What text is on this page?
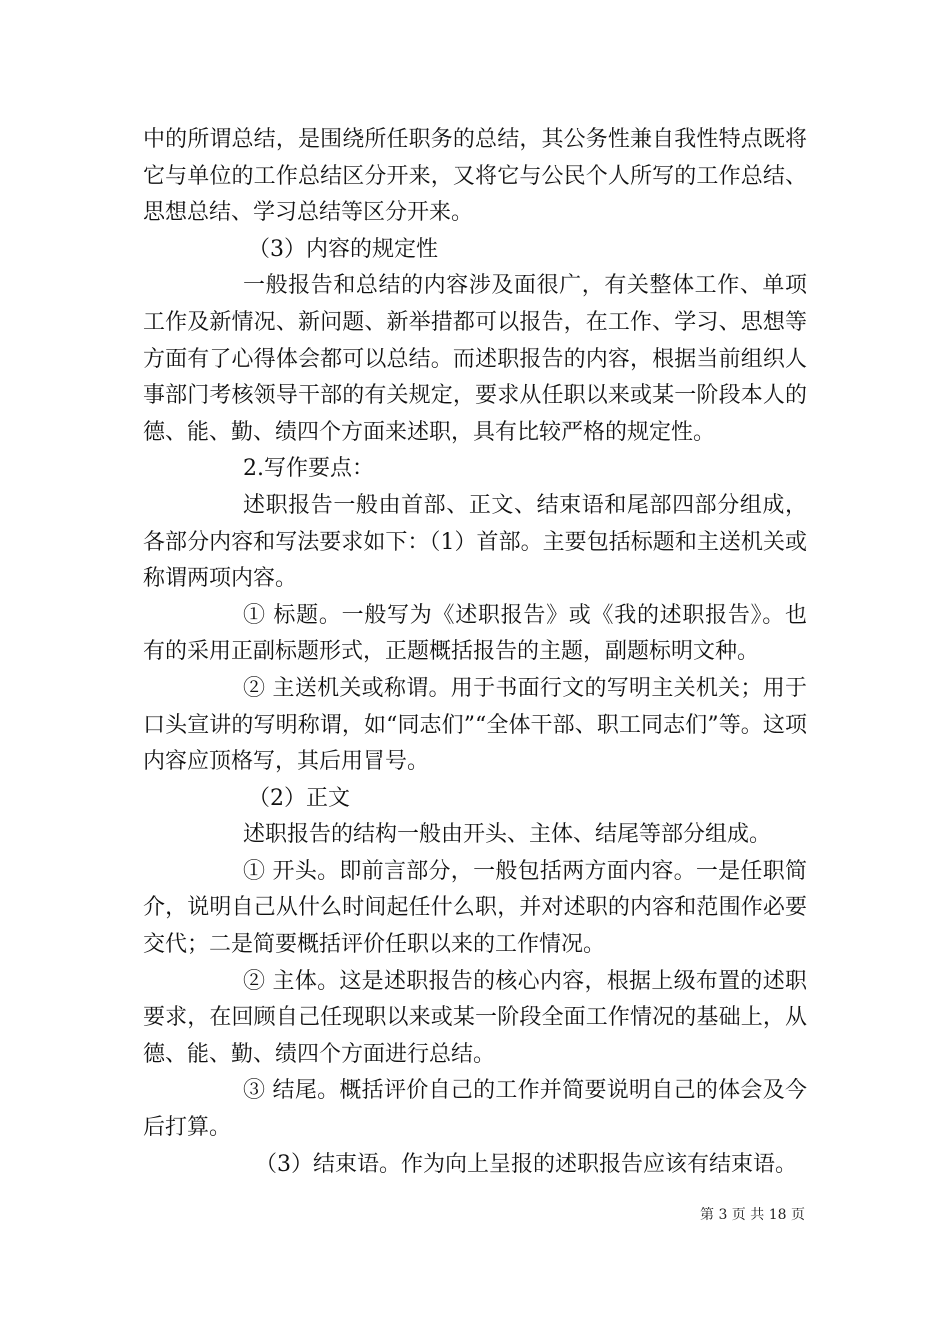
中的所谓总结，是围绕所任职务的总结，其公务性兼自我性特点既将它与单位的工作总结区分开来，又将它与公民个人所写的工作总结、思想总结、学习总结等区分开来。

（3）内容的规定性

一般报告和总结的内容涉及面很广，有关整体工作、单项工作及新情况、新问题、新举措都可以报告，在工作、学习、思想等方面有了心得体会都可以总结。而述职报告的内容，根据当前组织人事部门考核领导干部的有关规定，要求从任职以来或某一阶段本人的德、能、勤、绩四个方面来述职，具有比较严格的规定性。

2.写作要点：

述职报告一般由首部、正文、结束语和尾部四部分组成，各部分内容和写法要求如下：（1）首部。主要包括标题和主送机关或称谓两项内容。

① 标题。一般写为《述职报告》或《我的述职报告》。也有的采用正副标题形式，正题概括报告的主题，副题标明文种。

② 主送机关或称谓。用于书面行文的写明主关机关；用于口头宣讲的写明称谓，如“同志们”“全体干部、职工同志们”等。这项内容应顶格写，其后用冒号。

（2）正文

述职报告的结构一般由开头、主体、结尾等部分组成。

① 开头。即前言部分，一般包括两方面内容。一是任职简介，说明自己从什么时间起任什么职，并对述职的内容和范围作必要交代；二是简要概括评价任职以来的工作情况。

② 主体。这是述职报告的核心内容，根据上级布置的述职要求，在回顾自己任现职以来或某一阶段全面工作情况的基础上，从德、能、勤、绩四个方面进行总结。

③ 结尾。概括评价自己的工作并简要说明自己的体会及今后打算。

（3）结束语。作为向上呈报的述职报告应该有结束语。

第 3 页 共 18 页
